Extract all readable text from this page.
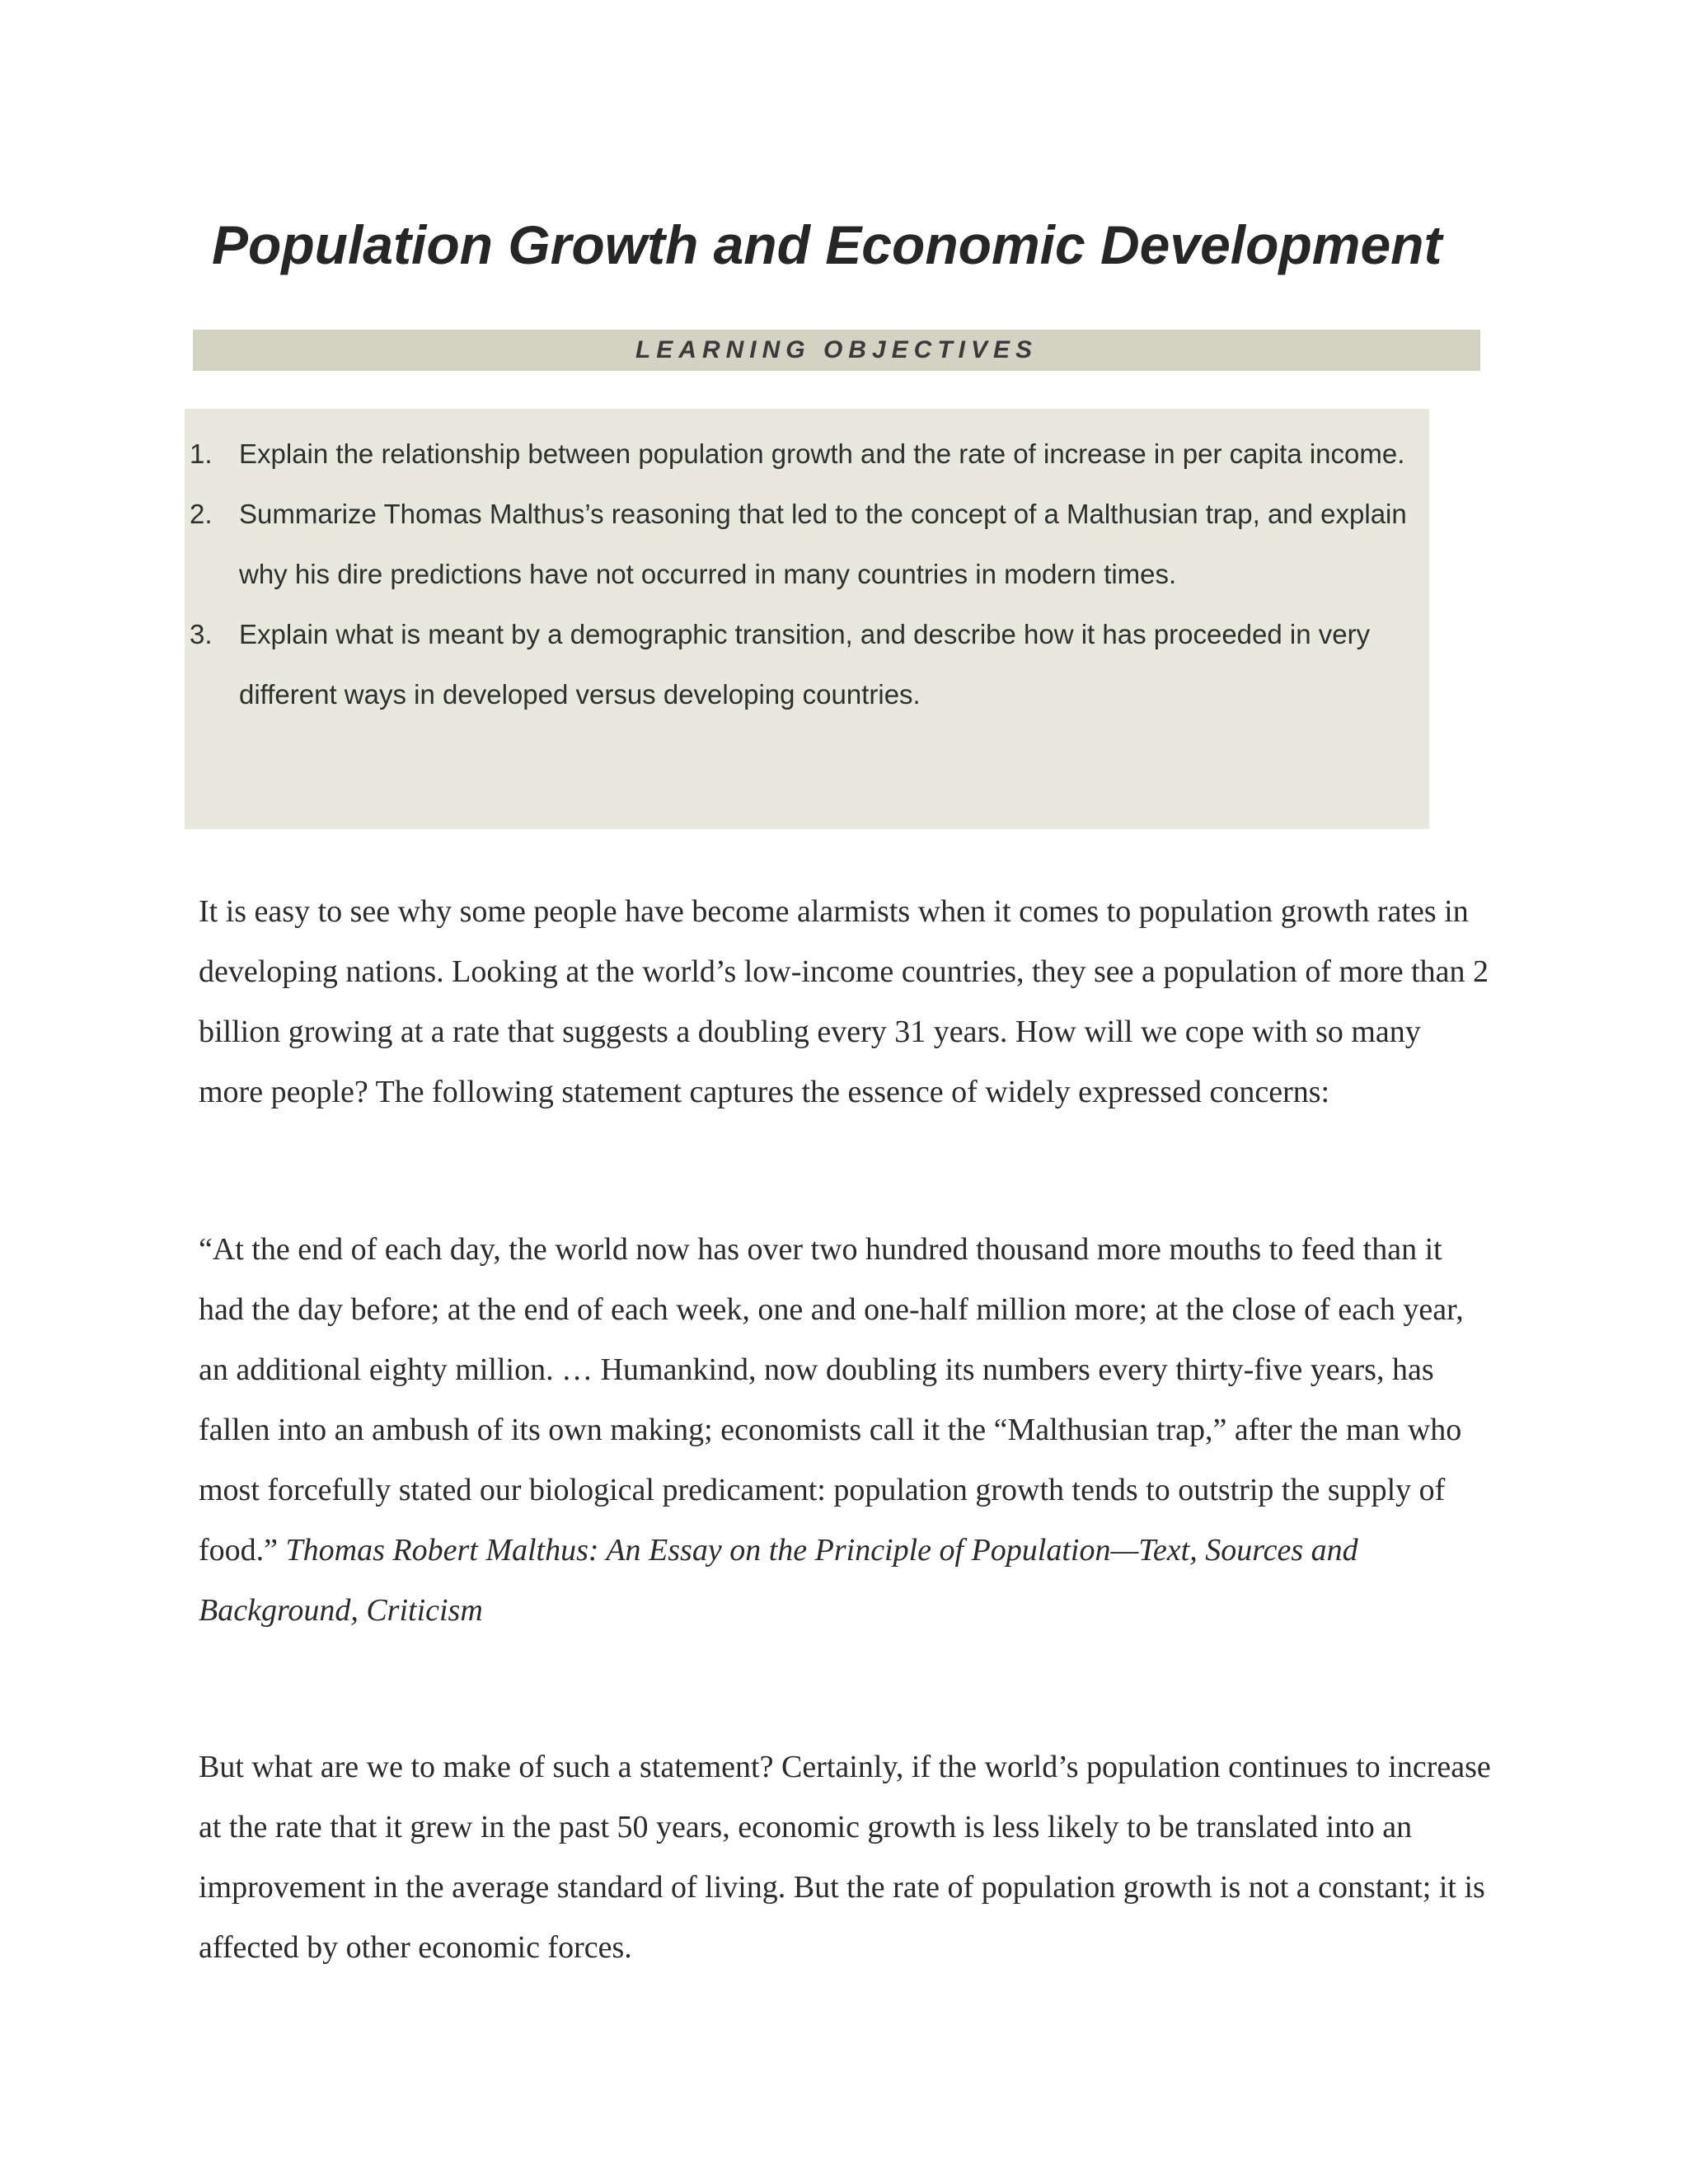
Population Growth and Economic Development
LEARNING OBJECTIVES
1. Explain the relationship between population growth and the rate of increase in per capita income.
2. Summarize Thomas Malthus’s reasoning that led to the concept of a Malthusian trap, and explain why his dire predictions have not occurred in many countries in modern times.
3. Explain what is meant by a demographic transition, and describe how it has proceeded in very different ways in developed versus developing countries.

It is easy to see why some people have become alarmists when it comes to population growth rates in developing nations. Looking at the world’s low-income countries, they see a population of more than 2 billion growing at a rate that suggests a doubling every 31 years. How will we cope with so many more people? The following statement captures the essence of widely expressed concerns:

“At the end of each day, the world now has over two hundred thousand more mouths to feed than it had the day before; at the end of each week, one and one-half million more; at the close of each year, an additional eighty million. … Humankind, now doubling its numbers every thirty-five years, has fallen into an ambush of its own making; economists call it the “Malthusian trap,” after the man who most forcefully stated our biological predicament: population growth tends to outstrip the supply of food.” Thomas Robert Malthus: An Essay on the Principle of Population—Text, Sources and Background, Criticism

But what are we to make of such a statement? Certainly, if the world’s population continues to increase at the rate that it grew in the past 50 years, economic growth is less likely to be translated into an improvement in the average standard of living. But the rate of population growth is not a constant; it is affected by other economic forces.
